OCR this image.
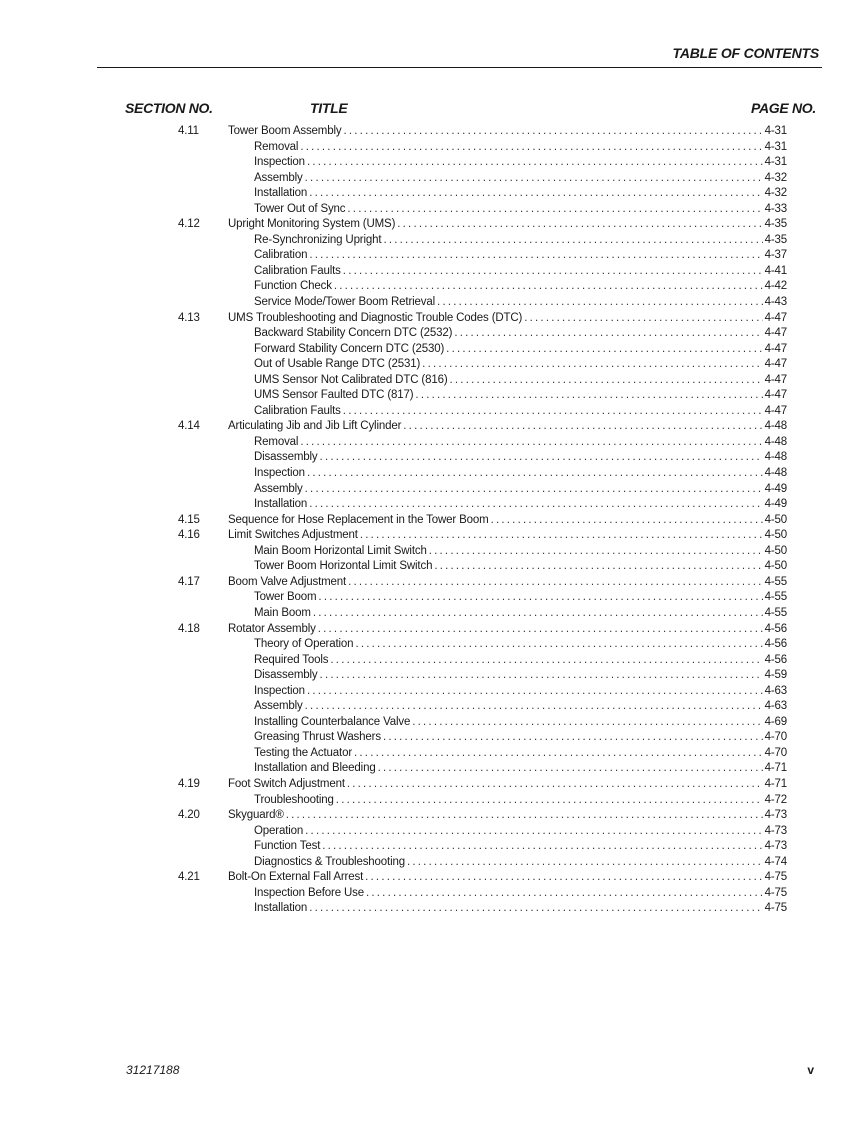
TABLE OF CONTENTS
SECTION NO.	TITLE	PAGE NO.
4.11	Tower Boom Assembly .....	4-31
Removal .....	4-31
Inspection .....	4-31
Assembly .....	4-32
Installation .....	4-32
Tower Out of Sync .....	4-33
4.12 Upright Monitoring System (UMS) .....	4-35
Re-Synchronizing Upright .....	4-35
Calibration .....	4-37
Calibration Faults .....	4-41
Function Check .....	4-42
Service Mode/Tower Boom Retrieval .....	4-43
4.13 UMS Troubleshooting and Diagnostic Trouble Codes (DTC) .....	4-47
Backward Stability Concern DTC (2532) .....	4-47
Forward Stability Concern DTC (2530) .....	4-47
Out of Usable Range DTC (2531) .....	4-47
UMS Sensor Not Calibrated DTC (816) .....	4-47
UMS Sensor Faulted DTC (817) .....	4-47
Calibration Faults .....	4-47
4.14 Articulating Jib and Jib Lift Cylinder .....	4-48
Removal .....	4-48
Disassembly .....	4-48
Inspection .....	4-48
Assembly .....	4-49
Installation .....	4-49
4.15 Sequence for Hose Replacement in the Tower Boom .....	4-50
4.16 Limit Switches Adjustment .....	4-50
Main Boom Horizontal Limit Switch .....	4-50
Tower Boom Horizontal Limit Switch .....	4-50
4.17 Boom Valve Adjustment .....	4-55
Tower Boom .....	4-55
Main Boom .....	4-55
4.18 Rotator Assembly .....	4-56
Theory of Operation .....	4-56
Required Tools .....	4-56
Disassembly .....	4-59
Inspection .....	4-63
Assembly .....	4-63
Installing Counterbalance Valve .....	4-69
Greasing Thrust Washers .....	4-70
Testing the Actuator .....	4-70
Installation and Bleeding .....	4-71
4.19 Foot Switch Adjustment .....	4-71
Troubleshooting .....	4-72
4.20 Skyguard® .....	4-73
Operation .....	4-73
Function Test .....	4-73
Diagnostics & Troubleshooting .....	4-74
4.21 Bolt-On External Fall Arrest .....	4-75
Inspection Before Use .....	4-75
Installation .....	4-75
31217188	v
